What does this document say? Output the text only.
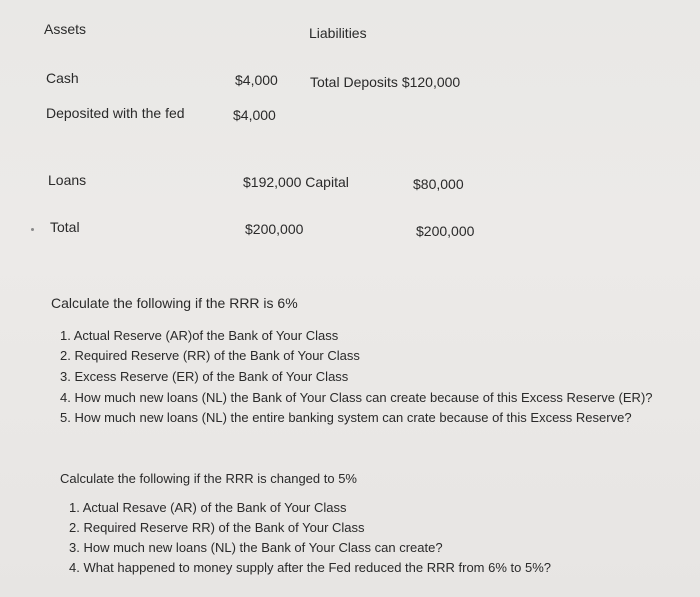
Assets	Liabilities
Cash	$4,000 Total Deposits $120,000
Deposited with the fed	$4,000
Loans	$192,000 Capital	$80,000
Total	$200,000	$200,000
Calculate the following if the RRR is 6%
1. Actual Reserve (AR)of the Bank of Your Class
2. Required Reserve (RR) of the Bank of Your Class
3. Excess Reserve (ER) of the Bank of Your Class
4. How much new loans (NL) the Bank of Your Class can create because of this Excess Reserve (ER)?
5. How much new loans (NL) the entire banking system can crate because of this Excess Reserve?
Calculate the following if the RRR is changed to 5%
1. Actual Resave (AR) of the Bank of Your Class
2. Required Reserve RR) of the Bank of Your Class
3. How much new loans (NL) the Bank of Your Class can create?
4. What happened to money supply after the Fed reduced the RRR from 6% to 5%?
